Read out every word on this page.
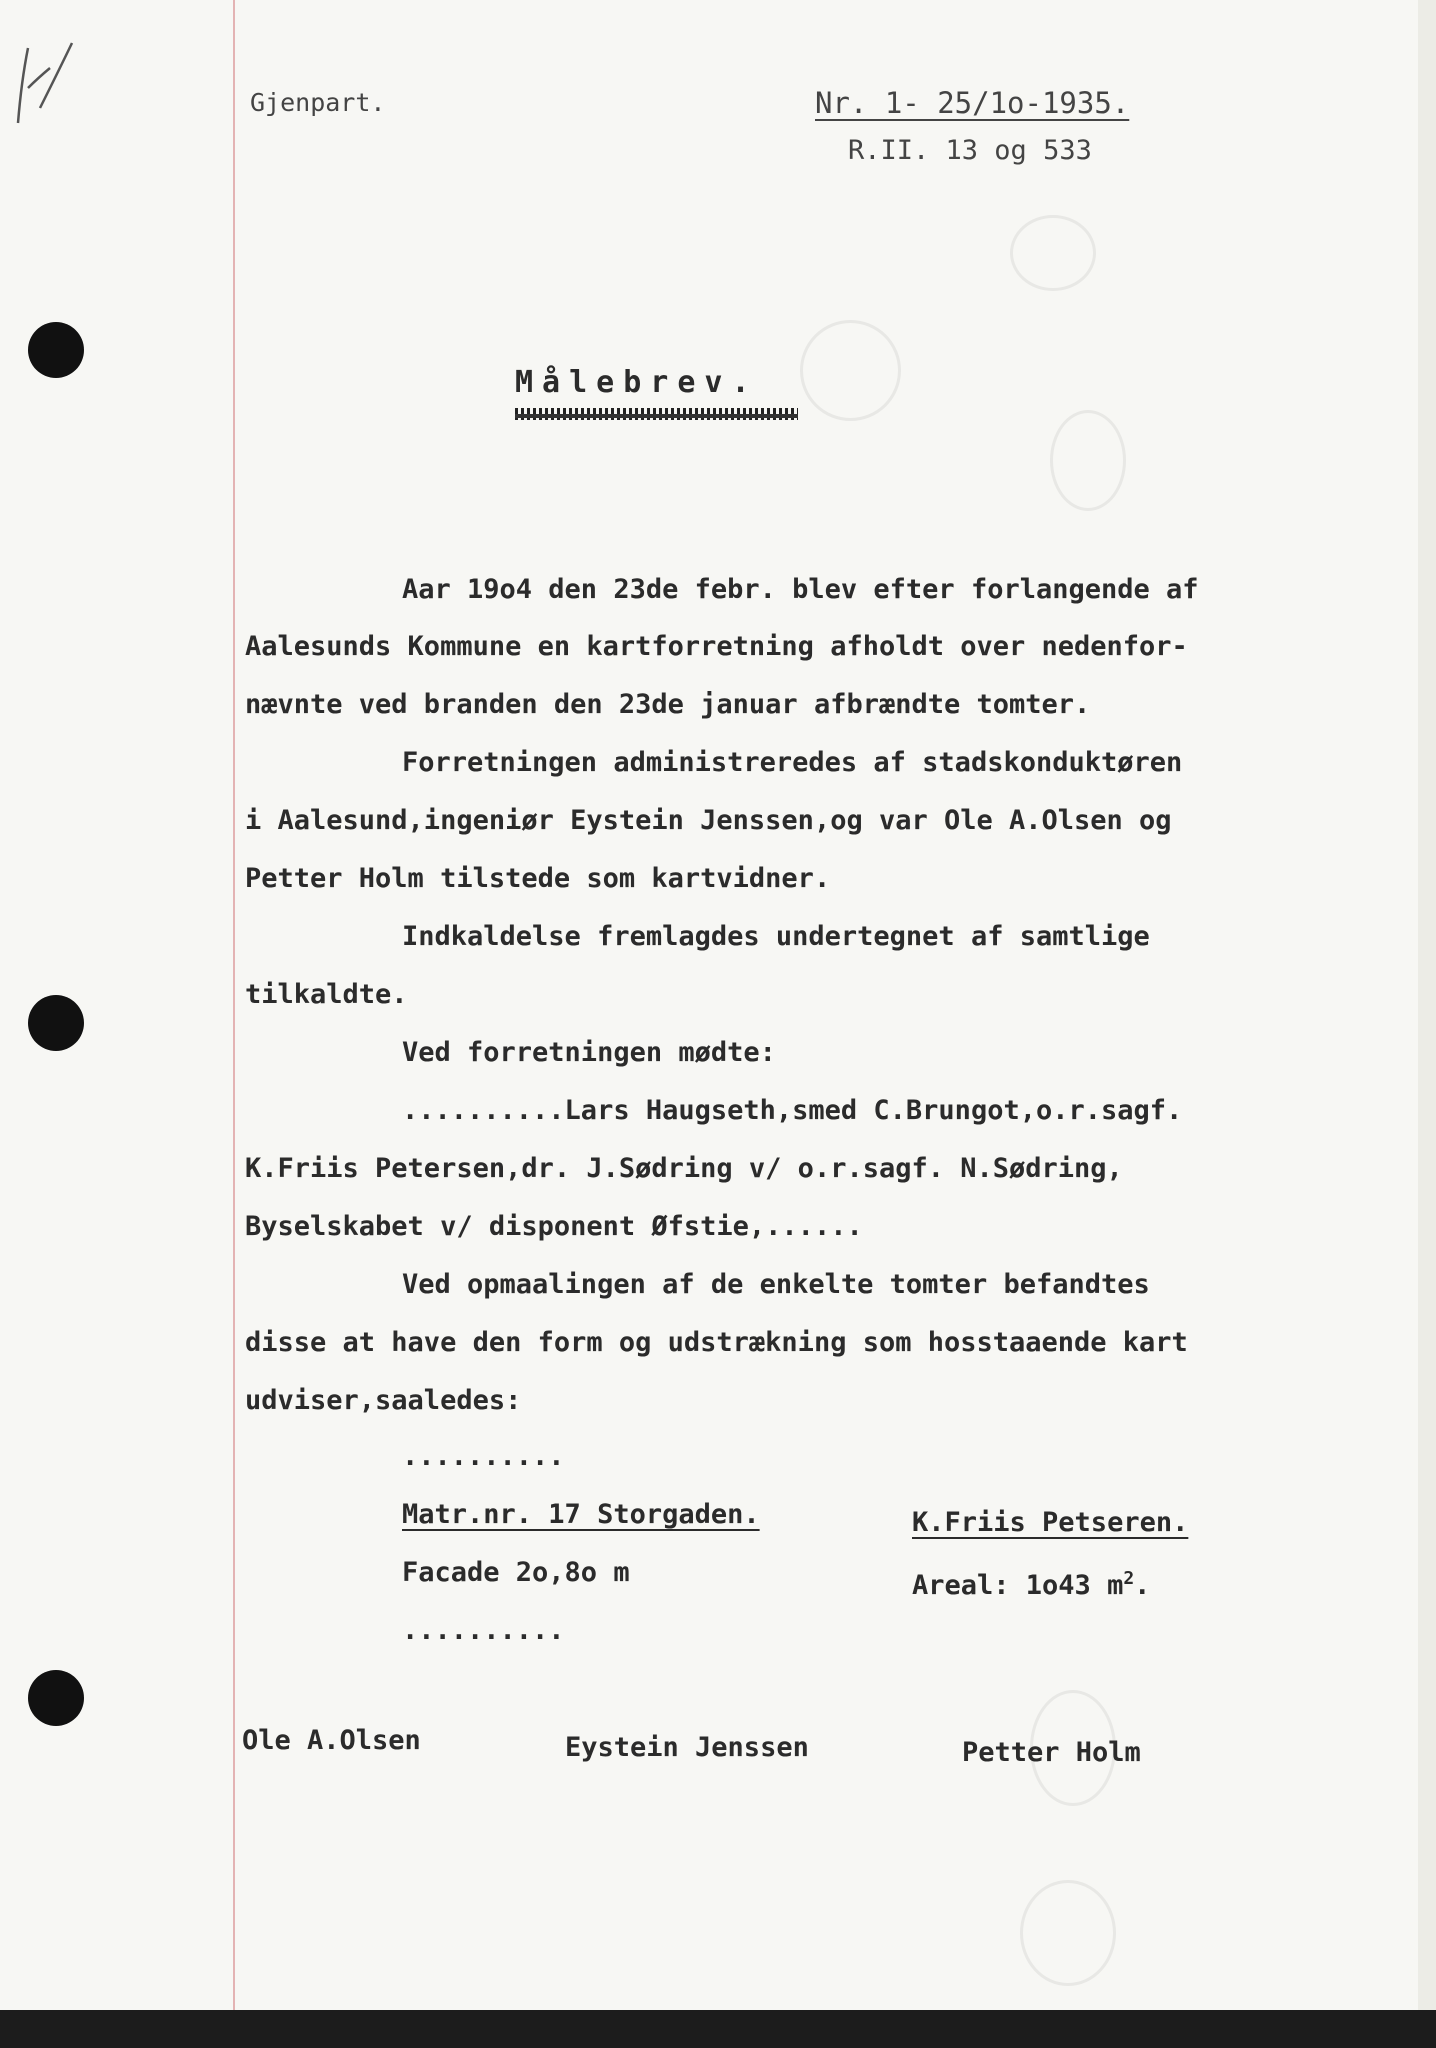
Gjenpart.	Nr. 1- 25/1o-1935.
R.II. 13 og 533
Målebrev.
Aar 19o4 den 23de febr. blev efter forlangende af
Aalesunds Kommune en kartforretning afholdt over nedenfor-
nævnte ved branden den 23de januar afbrændte tomter.
Forretningen administreredes af stadskonduktøren
i Aalesund,ingeniør Eystein Jenssen,og var Ole A.Olsen og
Petter Holm tilstede som kartvidner.
Indkaldelse fremlagdes undertegnet af samtlige
tilkaldte.
Ved forretningen mødte:
..........Lars Haugseth,smed C.Brungot,o.r.sagf.
K.Friis Petersen,dr. J.Sødring v/ o.r.sagf. N.Sødring,
Byselskabet v/ disponent Øfstie,......
Ved opmaalingen af de enkelte tomter befandtes
disse at have den form og udstrækning som hosstaaende kart
udviser,saaledes:
..........
Matr.nr. 17 Storgaden.	K.Friis Petseren.
Facade 2o,8o m	Areal: 1o43 $m^2$.
..........
Ole A.Olsen	Eystein Jenssen	Petter Holm
